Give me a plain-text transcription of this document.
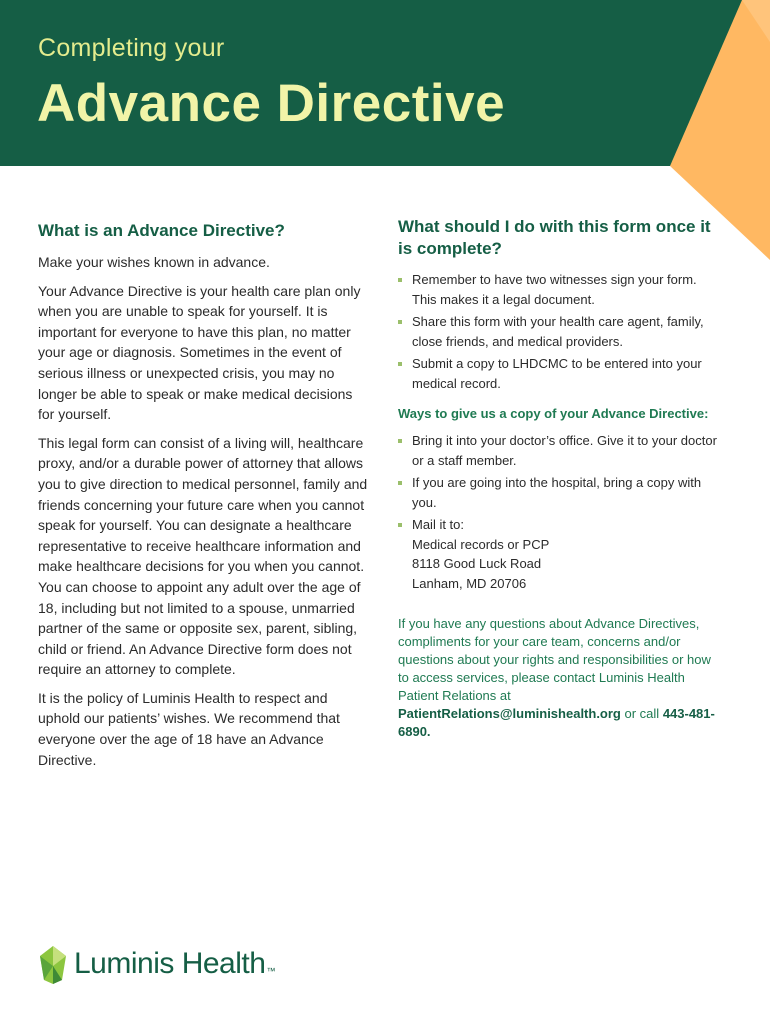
Completing your
Advance Directive
What is an Advance Directive?

Make your wishes known in advance.

Your Advance Directive is your health care plan only when you are unable to speak for yourself. It is important for everyone to have this plan, no matter your age or diagnosis. Sometimes in the event of serious illness or unexpected crisis, you may no longer be able to speak or make medical decisions for yourself.

This legal form can consist of a living will, healthcare proxy, and/or a durable power of attorney that allows you to give direction to medical personnel, family and friends concerning your future care when you cannot speak for yourself. You can designate a healthcare representative to receive healthcare information and make healthcare decisions for you when you cannot. You can choose to appoint any adult over the age of 18, including but not limited to a spouse, unmarried partner of the same or opposite sex, parent, sibling, child or friend. An Advance Directive form does not require an attorney to complete.

It is the policy of Luminis Health to respect and uphold our patients’ wishes. We recommend that everyone over the age of 18 have an Advance Directive.

What should I do with this form once it is complete?
Remember to have two witnesses sign your form. This makes it a legal document.
Share this form with your health care agent, family, close friends, and medical providers.
Submit a copy to LHDCMC to be entered into your medical record.
Ways to give us a copy of your Advance Directive:
Bring it into your doctor’s office. Give it to your doctor or a staff member.
If you are going into the hospital, bring a copy with you.
Mail it to:
Medical records or PCP
8118 Good Luck Road
Lanham, MD 20706
If you have any questions about Advance Directives, compliments for your care team, concerns and/or questions about your rights and responsibilities or how to access services, please contact Luminis Health Patient Relations at PatientRelations@luminishealth.org or call 443-481-6890.
Luminis Health ™
